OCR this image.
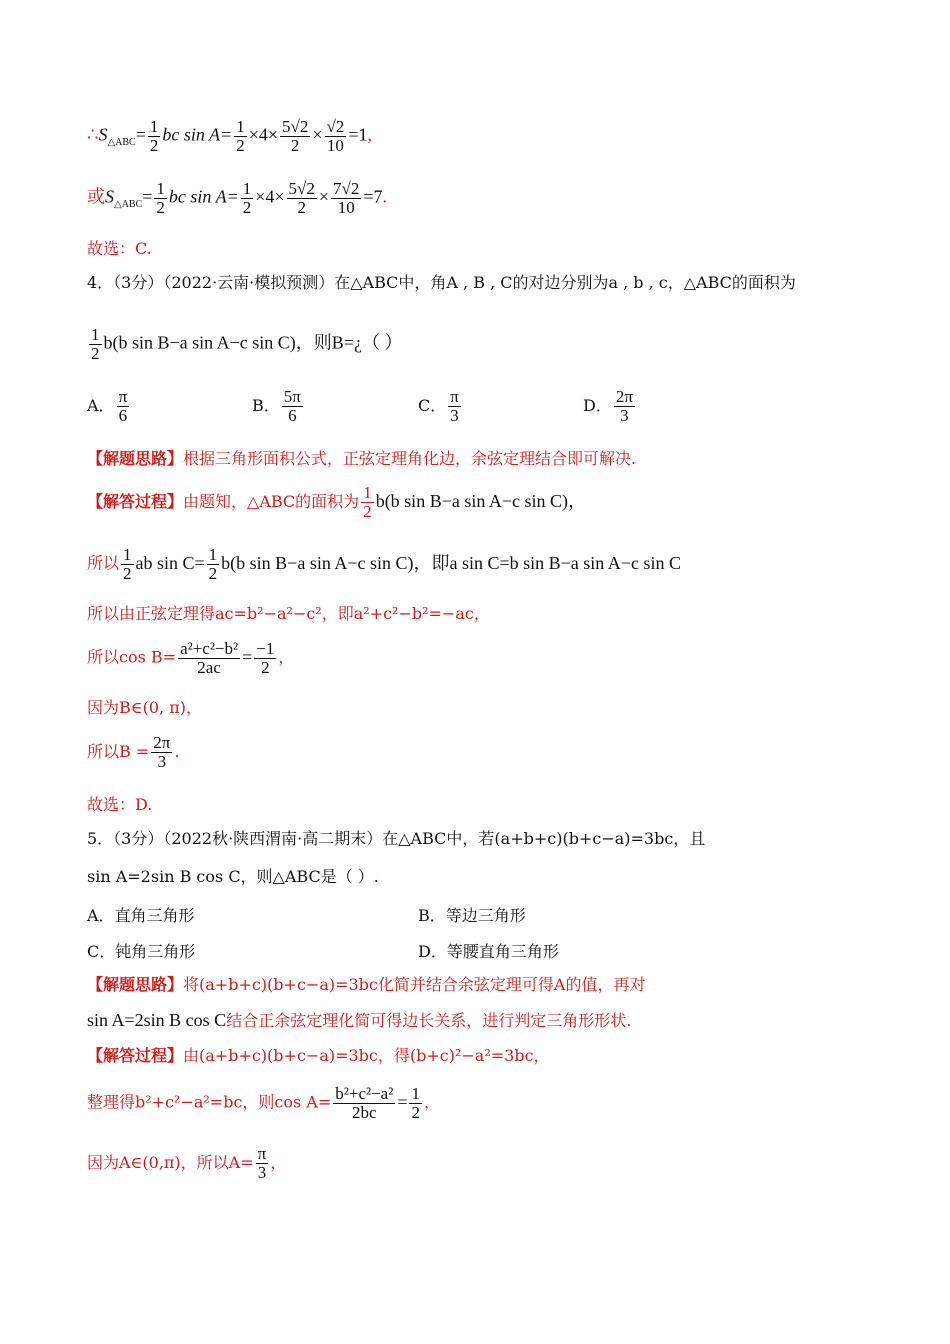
$\therefore S_{\triangle ABC}= \frac{1}{2}$ bc $\sin A= \frac{1}{2} \times 4\times \frac{5√2}{2} \times \frac{√2}{10} =1$,
或$S_{\triangle ABC}= \frac{1}{2}$ bc $\sin A= \frac{1}{2} \times 4\times \frac{5√2}{2} \times \frac{7√2}{10} =7$.
故选：C.
4．（3分）（2022·云南·模拟预测）在△ABC中，角A , B , C的对边分别为a , b , c，△ABC的面积为
$\frac{1}{2} b(b$ sin B−a sin A−c sin C)，则B=¿（ ）
A． $\frac{\pi}{6}$	B． $\frac{5\pi}{6}$	C． $\frac{\pi}{3}$	D． $\frac{2\pi}{3}$
【解题思路】根据三角形面积公式，正弦定理角化边，余弦定理结合即可解决.
【解答过程】由题知，△ABC的面积为 $\frac{1}{2} b(b$ sin B−a sin A−c sin C)，
所以 $\frac{1}{2}$ ab $\sin C= \frac{1}{2} b(b$ sin B−a sin A−c sin C)，即a sin C=b sin B−a sin A−c sin C
所以由正弦定理得ac=b²−a²−c²，即a²+c²−b²=−ac，
所以$\cos B= \frac{\text{a²+c²−b²}}{2ac} = \frac{-1}{2}$ ，
因为B∈(0, π)，
所以$B = \frac{2\pi}{3}$ .
故选：D.
5．（3分）（2022秋·陕西渭南·高二期末）在△ABC中，若(a+b+c)(b+c−a)=3bc，且
sin A=2sin B cos C，则△ABC是（ ）.
A．直角三角形	B．等边三角形
C．钝角三角形	D．等腰直角三角形
【解题思路】将(a+b+c)(b+c−a)=3bc化简并结合余弦定理可得A的值，再对
sin A=2sin B cos C结合正余弦定理化简可得边长关系，进行判定三角形形状.
【解答过程】由(a+b+c)(b+c−a)=3bc，得(b+c)²−a²=3bc，
整理得b²+c²−a²=bc，则$\cos A= \frac{\text{b²+c²−a²}}{2bc} = \frac{1}{2}$ ，
因为A∈(0,π)，所以$A= \frac{\pi}{3}$ ，
